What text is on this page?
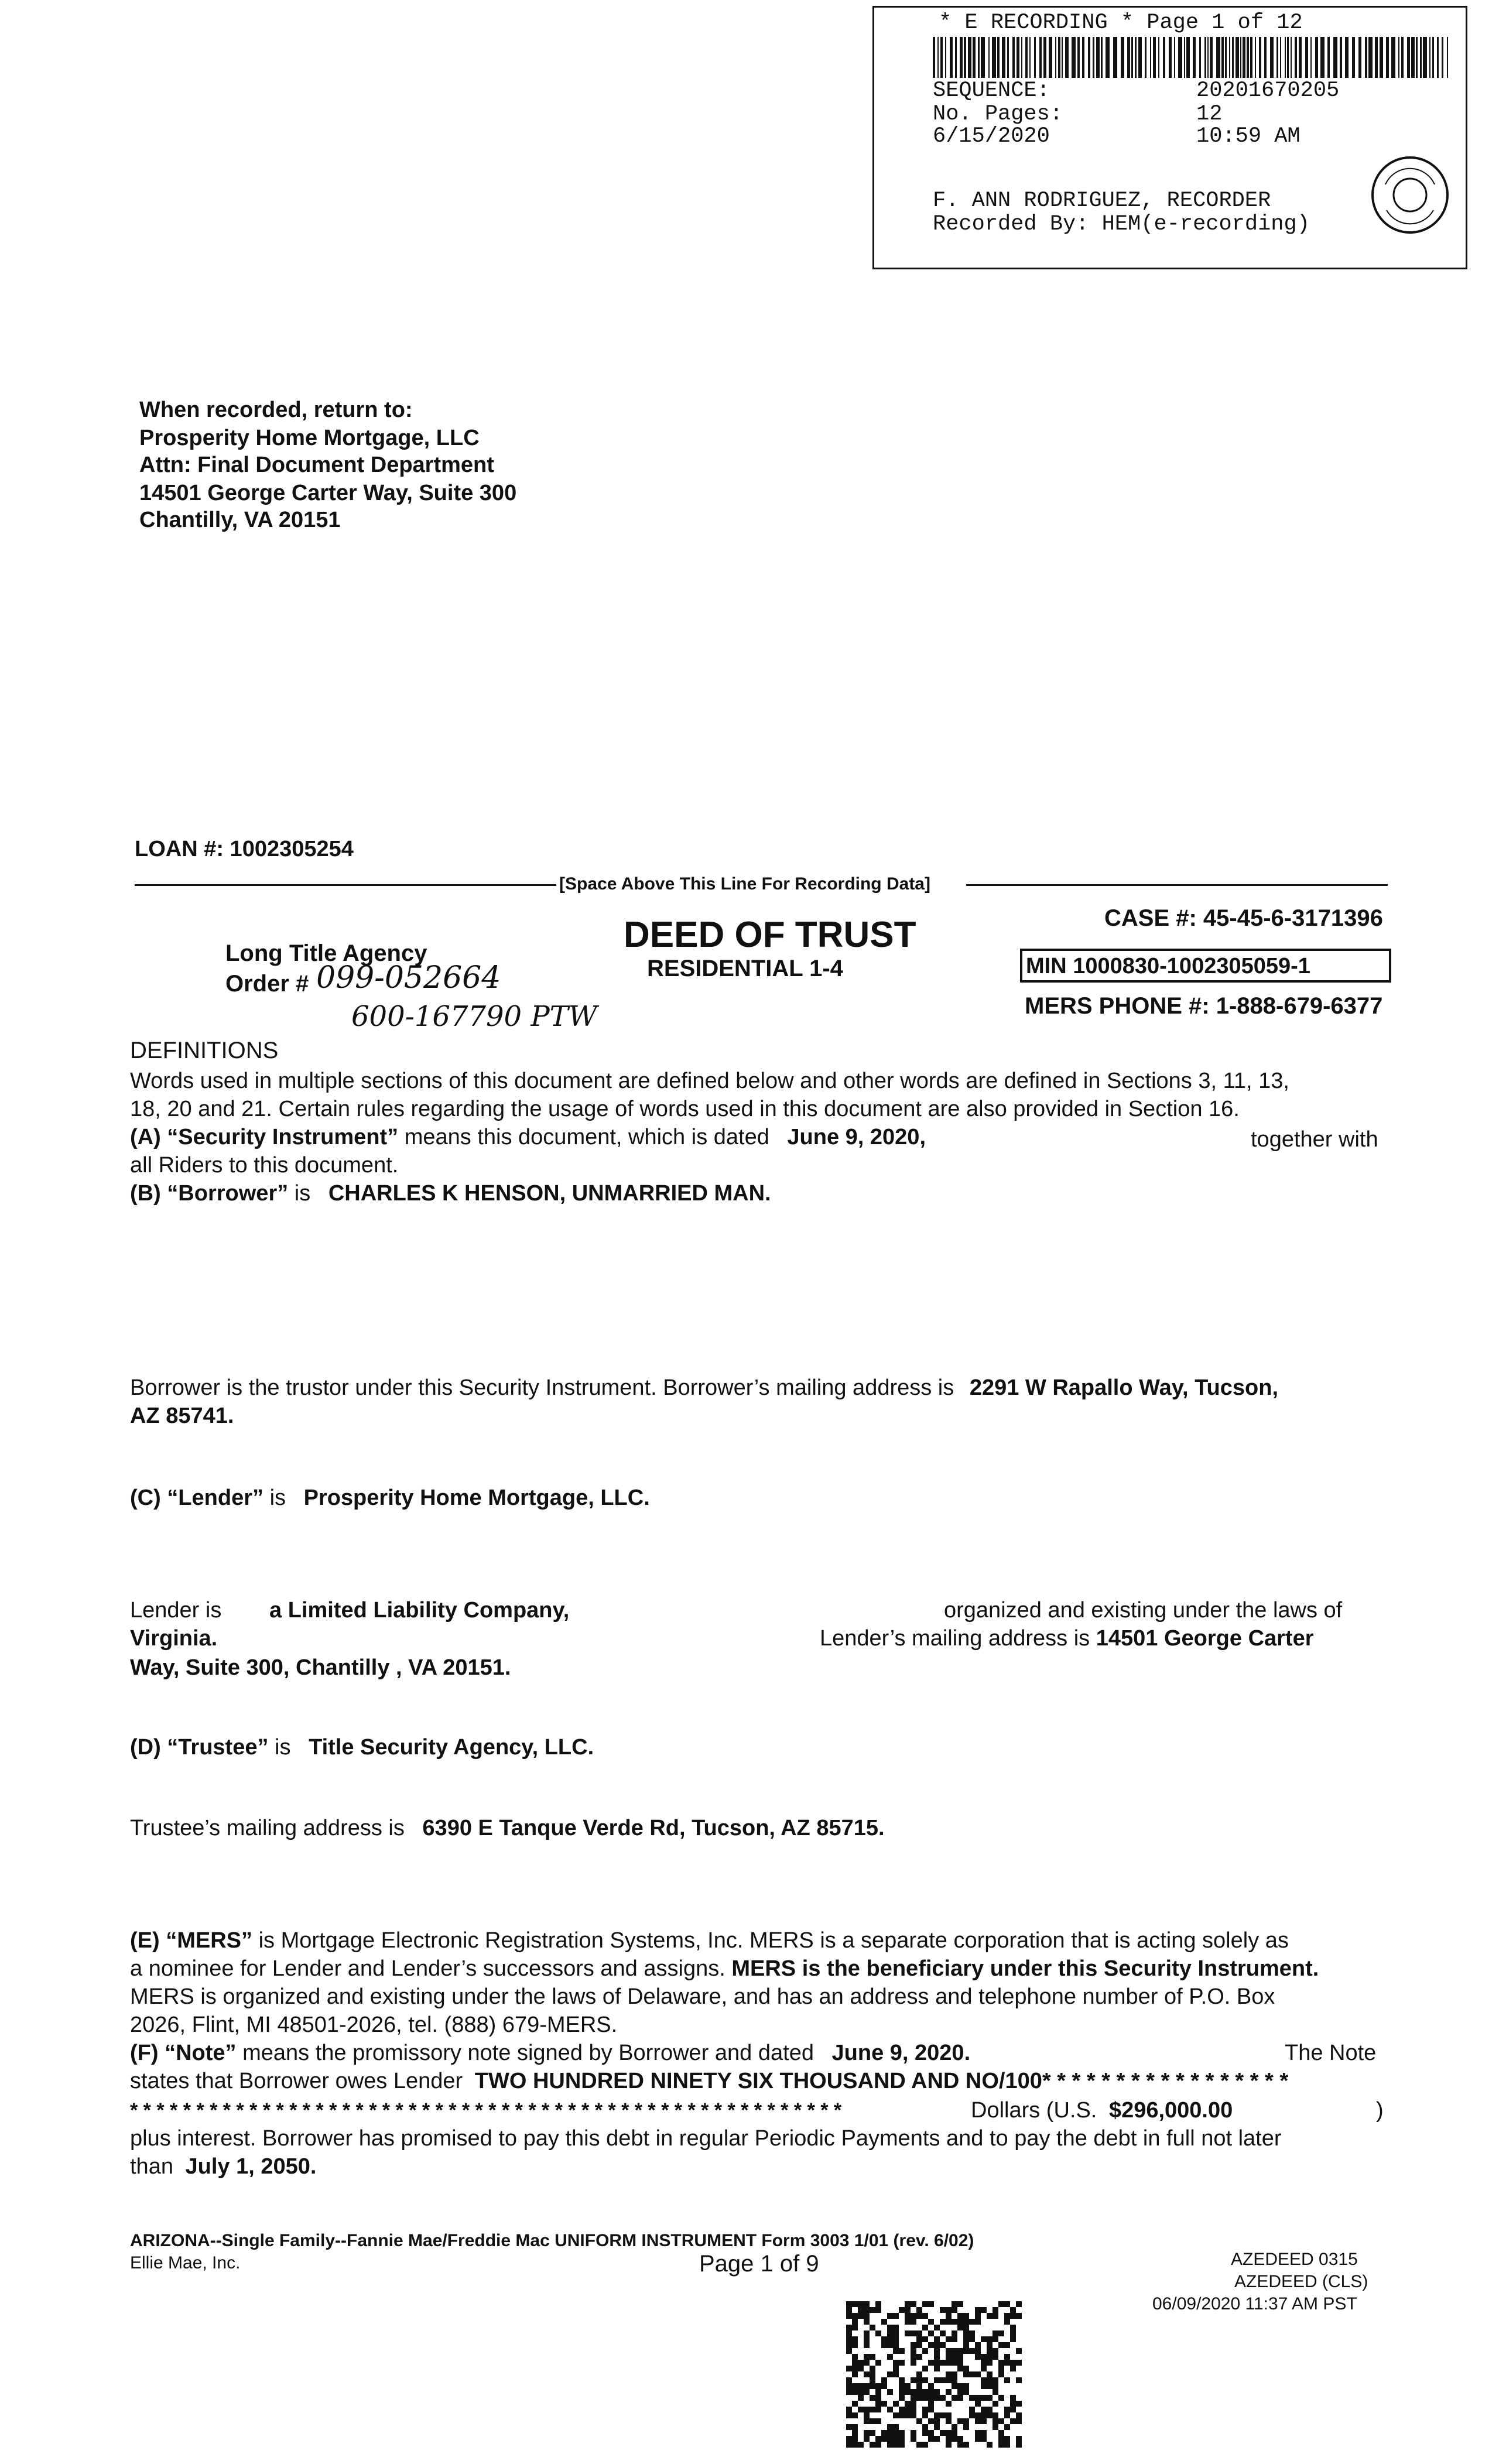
* E RECORDING * Page 1 of 12
SEQUENCE:	20201670205
No. Pages:	12
6/15/2020	10:59 AM
F. ANN RODRIGUEZ, RECORDER
Recorded By: HEM(e-recording)
When recorded, return to:
Prosperity Home Mortgage, LLC
Attn: Final Document Department
14501 George Carter Way, Suite 300
Chantilly, VA 20151
LOAN #: 1002305254
[Space Above This Line For Recording Data]
CASE #: 45-45-6-3171396
Long Title Agency
Order # 099-052664
600-167790 PTW
DEED OF TRUST
RESIDENTIAL 1-4	MIN 1000830-1002305059-1
MERS PHONE #: 1-888-679-6377
DEFINITIONS
Words used in multiple sections of this document are defined below and other words are defined in Sections 3, 11, 13,
18, 20 and 21. Certain rules regarding the usage of words used in this document are also provided in Section 16.
(A) “Security Instrument” means this document, which is dated June 9, 2020,	together with
all Riders to this document.
(B) “Borrower” is CHARLES K HENSON, UNMARRIED MAN.
Borrower is the trustor under this Security Instrument. Borrower’s mailing address is 2291 W Rapallo Way, Tucson,
AZ 85741.
(C) “Lender” is Prosperity Home Mortgage, LLC.
Lender is a Limited Liability Company,	organized and existing under the laws of
Virginia.	Lender’s mailing address is 14501 George Carter
Way, Suite 300, Chantilly , VA 20151.
(D) “Trustee” is Title Security Agency, LLC.
Trustee’s mailing address is 6390 E Tanque Verde Rd, Tucson, AZ 85715.
(E) “MERS” is Mortgage Electronic Registration Systems, Inc. MERS is a separate corporation that is acting solely as
a nominee for Lender and Lender’s successors and assigns. MERS is the beneficiary under this Security Instrument.
MERS is organized and existing under the laws of Delaware, and has an address and telephone number of P.O. Box
2026, Flint, MI 48501-2026, tel. (888) 679-MERS.
(F) “Note” means the promissory note signed by Borrower and dated June 9, 2020.	The Note
states that Borrower owes Lender TWO HUNDRED NINETY SIX THOUSAND AND NO/100* * * * * * * * * * * * * * * * *
* * * * * * * * * * * * * * * * * * * * * * * * * * * * * * * * * * * * * * * * * * * * * * * * * * * * * *	Dollars (U.S. $296,000.00	)
plus interest. Borrower has promised to pay this debt in regular Periodic Payments and to pay the debt in full not later
than July 1, 2050.
ARIZONA--Single Family--Fannie Mae/Freddie Mac UNIFORM INSTRUMENT Form 3003 1/01 (rev. 6/02)
Ellie Mae, Inc.	Page 1 of 9	AZEDEED 0315
AZEDEED (CLS)
06/09/2020 11:37 AM PST
